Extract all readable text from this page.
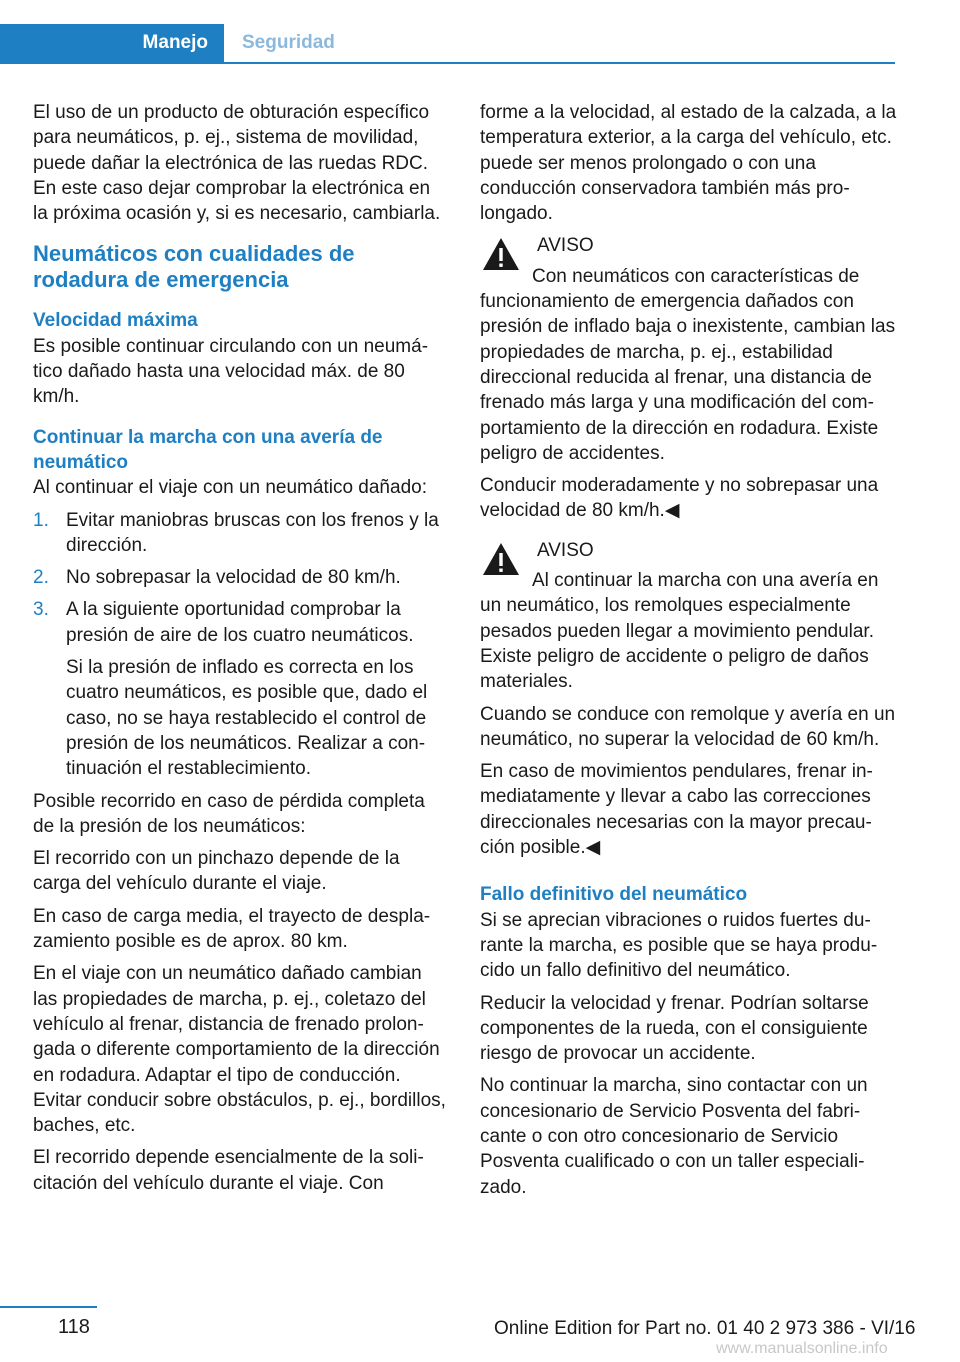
Manejo	Seguridad

El uso de un producto de obturación específico para neumáticos, p. ej., sistema de movilidad, puede dañar la electrónica de las ruedas RDC. En este caso dejar comprobar la electrónica en la próxima ocasión y, si es necesario, cambiarla.

Neumáticos con cualidades de rodadura de emergencia
Velocidad máxima

Es posible continuar circulando con un neumático dañado hasta una velocidad máx. de 80 km/h.

Continuar la marcha con una avería de neumático

Al continuar el viaje con un neumático dañado:

1. Evitar maniobras bruscas con los frenos y la dirección.
2. No sobrepasar la velocidad de 80 km/h.
3. A la siguiente oportunidad comprobar la presión de aire de los cuatro neumáticos.

Si la presión de inflado es correcta en los cuatro neumáticos, es posible que, dado el caso, no se haya restablecido el control de presión de los neumáticos. Realizar a continuación el restablecimiento.

Posible recorrido en caso de pérdida completa de la presión de los neumáticos:

El recorrido con un pinchazo depende de la carga del vehículo durante el viaje.

En caso de carga media, el trayecto de desplazamiento posible es de aprox. 80 km.

En el viaje con un neumático dañado cambian las propiedades de marcha, p. ej., coletazo del vehículo al frenar, distancia de frenado prolongada o diferente comportamiento de la dirección en rodadura. Adaptar el tipo de conducción. Evitar conducir sobre obstáculos, p. ej., bordillos, baches, etc.

El recorrido depende esencialmente de la solicitación del vehículo durante el viaje. Con

forme a la velocidad, al estado de la calzada, a la temperatura exterior, a la carga del vehículo, etc. puede ser menos prolongado o con una conducción conservadora también más prolongado.

AVISO
Con neumáticos con características de
funcionamiento de emergencia dañados con presión de inflado baja o inexistente, cambian las propiedades de marcha, p. ej., estabilidad direccional reducida al frenar, una distancia de frenado más larga y una modificación del comportamiento de la dirección en rodadura. Existe peligro de accidentes.

Conducir moderadamente y no sobrepasar una velocidad de 80 km/h.◀

AVISO
Al continuar la marcha con una avería en
un neumático, los remolques especialmente pesados pueden llegar a movimiento pendular. Existe peligro de accidente o peligro de daños materiales.

Cuando se conduce con remolque y avería en un neumático, no superar la velocidad de 60 km/h.

En caso de movimientos pendulares, frenar inmediatamente y llevar a cabo las correcciones direccionales necesarias con la mayor precaución posible.◀

Fallo definitivo del neumático

Si se aprecian vibraciones o ruidos fuertes durante la marcha, es posible que se haya producido un fallo definitivo del neumático.

Reducir la velocidad y frenar. Podrían soltarse componentes de la rueda, con el consiguiente riesgo de provocar un accidente.

No continuar la marcha, sino contactar con un concesionario de Servicio Posventa del fabricante o con otro concesionario de Servicio Posventa cualificado o con un taller especializado.

118	Online Edition for Part no. 01 40 2 973 386 - VI/16
www.manualsonline.info
